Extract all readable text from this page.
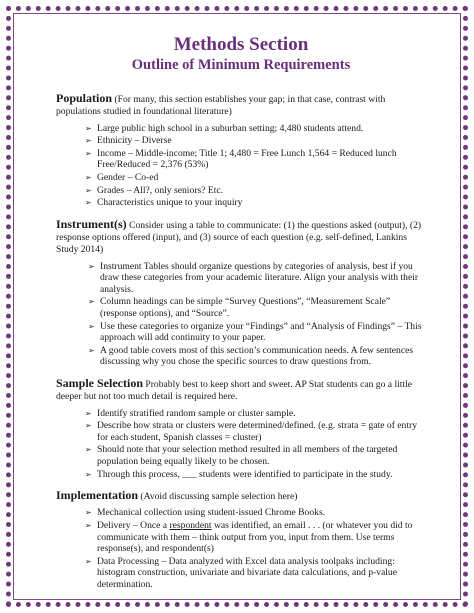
Methods Section
Outline of Minimum Requirements

Population (For many, this section establishes your gap; in that case, contrast with populations studied in foundational literature)

➢ Large public high school in a suburban setting; 4,480 students attend.
➢ Ethnicity – Diverse
➢ Income – Middle-income; Title 1; 4,480 = Free Lunch 1,564 = Reduced lunch Free/Reduced = 2,376 (53%)
➢ Gender – Co-ed
➢ Grades – All?, only seniors? Etc.
➢ Characteristics unique to your inquiry

Instrument(s) Consider using a table to communicate: (1) the questions asked (output), (2) response options offered (input), and (3) source of each question (e.g. self-defined, Lankins Study 2014)

➢ Instrument Tables should organize questions by categories of analysis, best if you draw these categories from your academic literature. Align your analysis with their analysis.
➢ Column headings can be simple “Survey Questions”, “Measurement Scale” (response options), and “Source”.
➢ Use these categories to organize your “Findings” and “Analysis of Findings” – This approach will add continuity to your paper.
➢ A good table covers most of this section’s communication needs. A few sentences discussing why you chose the specific sources to draw questions from.

Sample Selection Probably best to keep short and sweet. AP Stat students can go a little deeper but not too much detail is required here.

➢ Identify stratified random sample or cluster sample.
➢ Describe how strata or clusters were determined/defined. (e.g. strata = gate of entry for each student, Spanish classes = cluster)
➢ Should note that your selection method resulted in all members of the targeted population being equally likely to be chosen.
➢ Through this process, ___ students were identified to participate in the study.

Implementation (Avoid discussing sample selection here)

➢ Mechanical collection using student-issued Chrome Books.
➢ Delivery – Once a respondent was identified, an email . . . (or whatever you did to communicate with them – think output from you, input from them. Use terms response(s), and respondent(s)
➢ Data Processing – Data analyzed with Excel data analysis toolpaks including: histogram construction, univariate and bivariate data calculations, and p-value determination.
